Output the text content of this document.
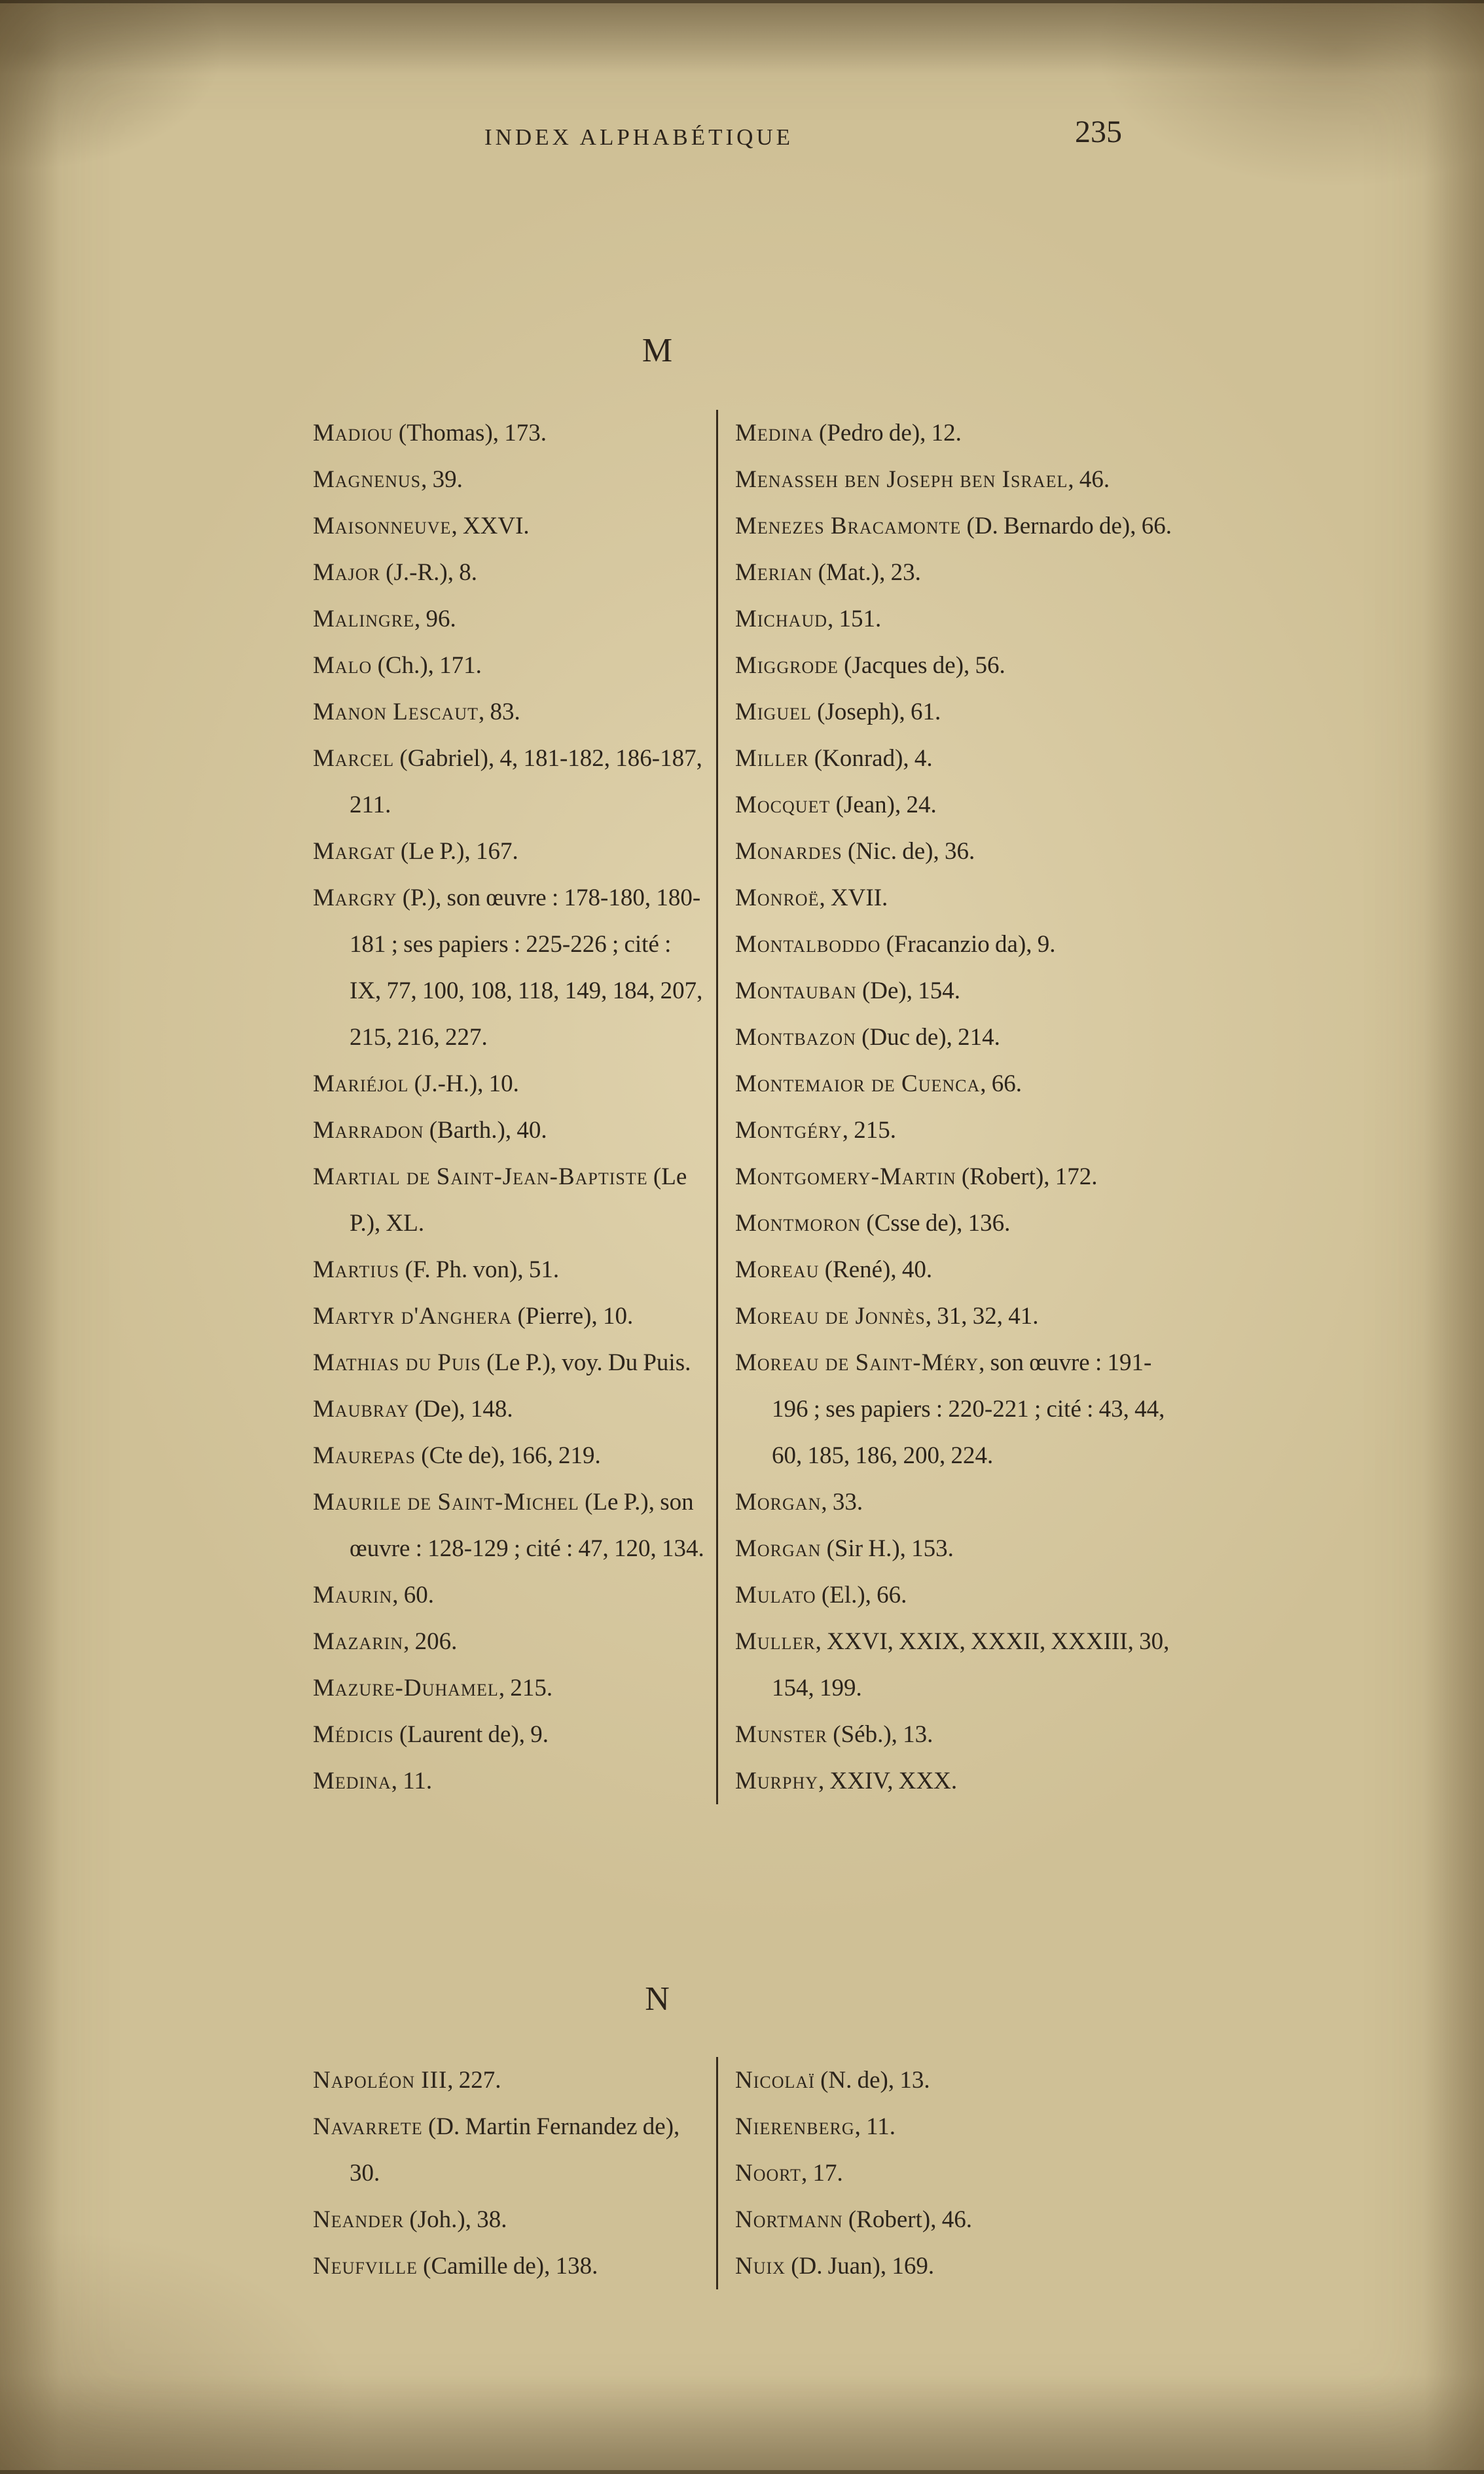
INDEX ALPHABÉTIQUE	235
M

Madiou (Thomas), 173.

Magnenus, 39.

Maisonneuve, XXVI.

Major (J.-R.), 8.

Malingre, 96.

Malo (Ch.), 171.

Manon Lescaut, 83.

Marcel (Gabriel), 4, 181-182, 186-187, 211.

Margat (Le P.), 167.

Margry (P.), son œuvre : 178-180, 180-181 ; ses papiers : 225-226 ; cité : IX, 77, 100, 108, 118, 149, 184, 207, 215, 216, 227.

Mariéjol (J.-H.), 10.

Marradon (Barth.), 40.

Martial de Saint-Jean-Baptiste (Le P.), XL.

Martius (F. Ph. von), 51.

Martyr d'Anghera (Pierre), 10.

Mathias du Puis (Le P.), voy. Du Puis.

Maubray (De), 148.

Maurepas (Cte de), 166, 219.

Maurile de Saint-Michel (Le P.), son œuvre : 128-129 ; cité : 47, 120, 134.

Maurin, 60.

Mazarin, 206.

Mazure-Duhamel, 215.

Médicis (Laurent de), 9.

Medina, 11.

Medina (Pedro de), 12.

Menasseh ben Joseph ben Israel, 46.

Menezes Bracamonte (D. Bernardo de), 66.

Merian (Mat.), 23.

Michaud, 151.

Miggrode (Jacques de), 56.

Miguel (Joseph), 61.

Miller (Konrad), 4.

Mocquet (Jean), 24.

Monardes (Nic. de), 36.

Monroë, XVII.

Montalboddo (Fracanzio da), 9.

Montauban (De), 154.

Montbazon (Duc de), 214.

Montemaior de Cuenca, 66.

Montgéry, 215.

Montgomery-Martin (Robert), 172.

Montmoron (Csse de), 136.

Moreau (René), 40.

Moreau de Jonnès, 31, 32, 41.

Moreau de Saint-Méry, son œuvre : 191-196 ; ses papiers : 220-221 ; cité : 43, 44, 60, 185, 186, 200, 224.

Morgan, 33.

Morgan (Sir H.), 153.

Mulato (El.), 66.

Muller, XXVI, XXIX, XXXII, XXXIII, 30, 154, 199.

Munster (Séb.), 13.

Murphy, XXIV, XXX.

N

Napoléon III, 227.

Navarrete (D. Martin Fernandez de), 30.

Neander (Joh.), 38.

Neufville (Camille de), 138.

Nicolaï (N. de), 13.

Nierenberg, 11.

Noort, 17.

Nortmann (Robert), 46.

Nuix (D. Juan), 169.
